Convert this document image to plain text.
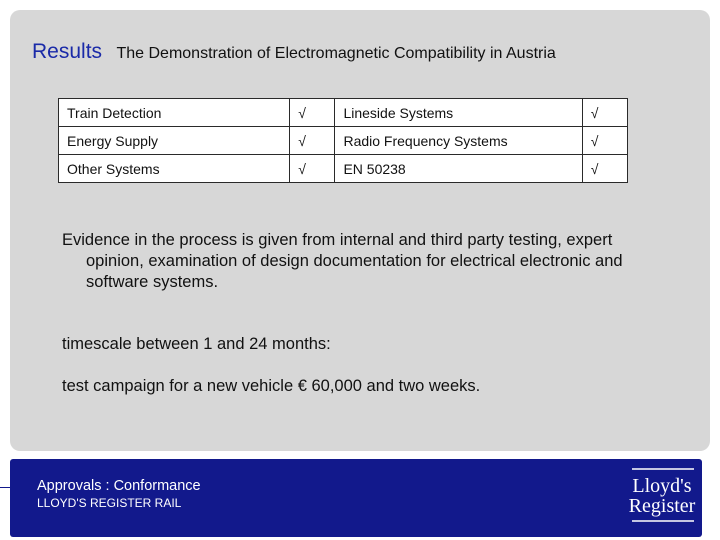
Results The Demonstration of Electromagnetic Compatibility in Austria
Train Detection	√	Lineside Systems	√
Energy Supply	√	Radio Frequency Systems	√
Other Systems	√	EN 50238	√
Evidence in the process is given from internal and third party testing, expert opinion, examination of design documentation for electrical electronic and software systems.
timescale between 1 and 24 months:
test campaign for a new vehicle € 60,000 and two weeks.
Approvals : Conformance
LLOYD'S REGISTER RAIL
Lloyd's
Register
